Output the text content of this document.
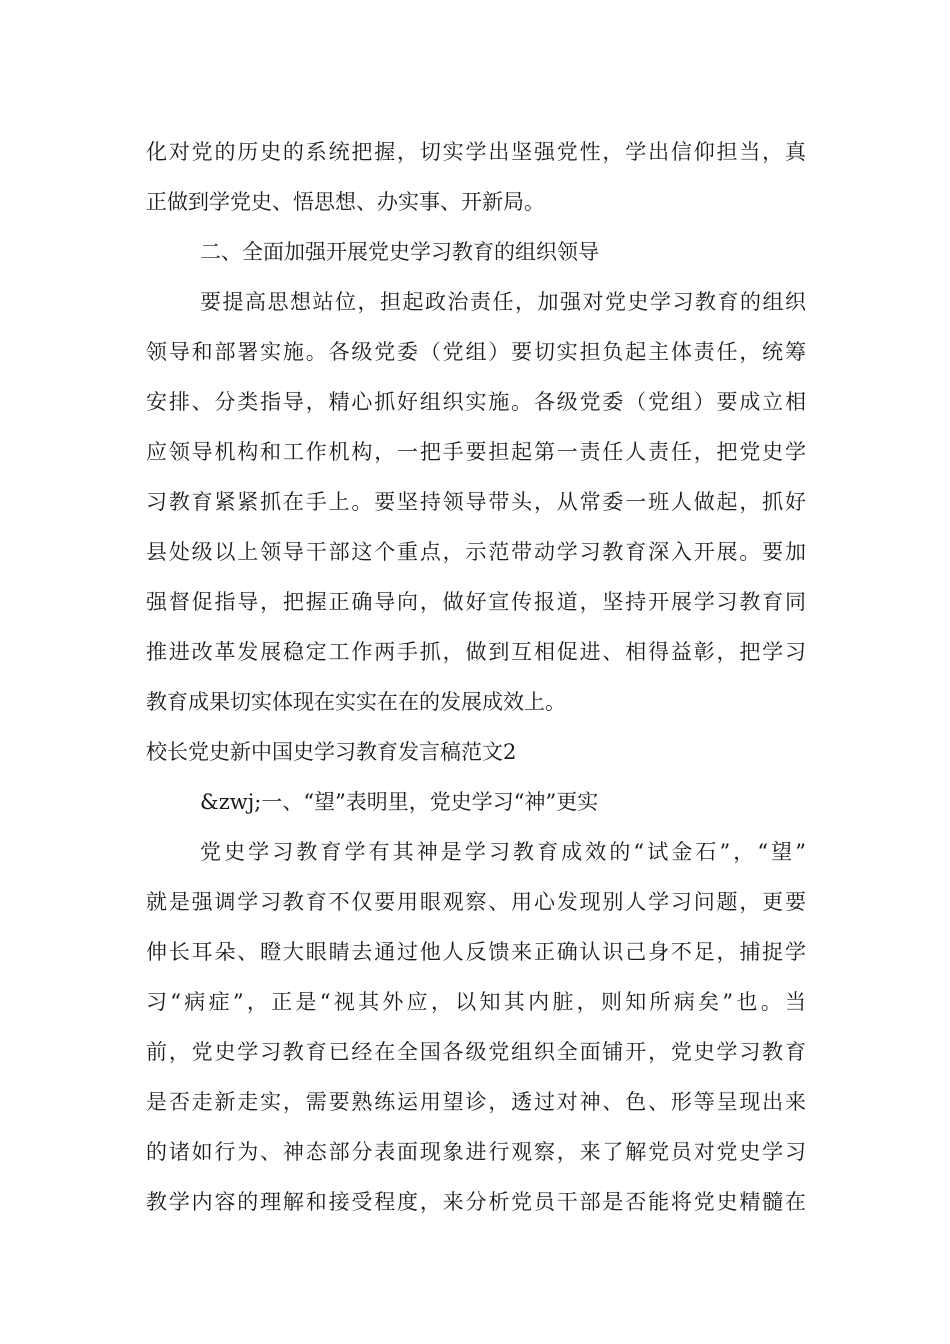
化对党的历史的系统把握，切实学出坚强党性，学出信仰担当，真
正做到学党史、悟思想、办实事、开新局。
二、全面加强开展党史学习教育的组织领导
要提高思想站位，担起政治责任，加强对党史学习教育的组织
领导和部署实施。各级党委（党组）要切实担负起主体责任，统筹
安排、分类指导，精心抓好组织实施。各级党委（党组）要成立相
应领导机构和工作机构，一把手要担起第一责任人责任，把党史学
习教育紧紧抓在手上。要坚持领导带头，从常委一班人做起，抓好
县处级以上领导干部这个重点，示范带动学习教育深入开展。要加
强督促指导，把握正确导向，做好宣传报道，坚持开展学习教育同
推进改革发展稳定工作两手抓，做到互相促进、相得益彰，把学习
教育成果切实体现在实实在在的发展成效上。
校长党史新中国史学习教育发言稿范文2
&zwj;一、“望”表明里，党史学习“神”更实
党史学习教育学有其神是学习教育成效的“试金石”，“望”
就是强调学习教育不仅要用眼观察、用心发现别人学习问题，更要
伸长耳朵、瞪大眼睛去通过他人反馈来正确认识己身不足，捕捉学
习“病症”，正是“视其外应，以知其内脏，则知所病矣”也。当
前，党史学习教育已经在全国各级党组织全面铺开，党史学习教育
是否走新走实，需要熟练运用望诊，透过对神、色、形等呈现出来
的诸如行为、神态部分表面现象进行观察，来了解党员对党史学习
教学内容的理解和接受程度，来分析党员干部是否能将党史精髓在
